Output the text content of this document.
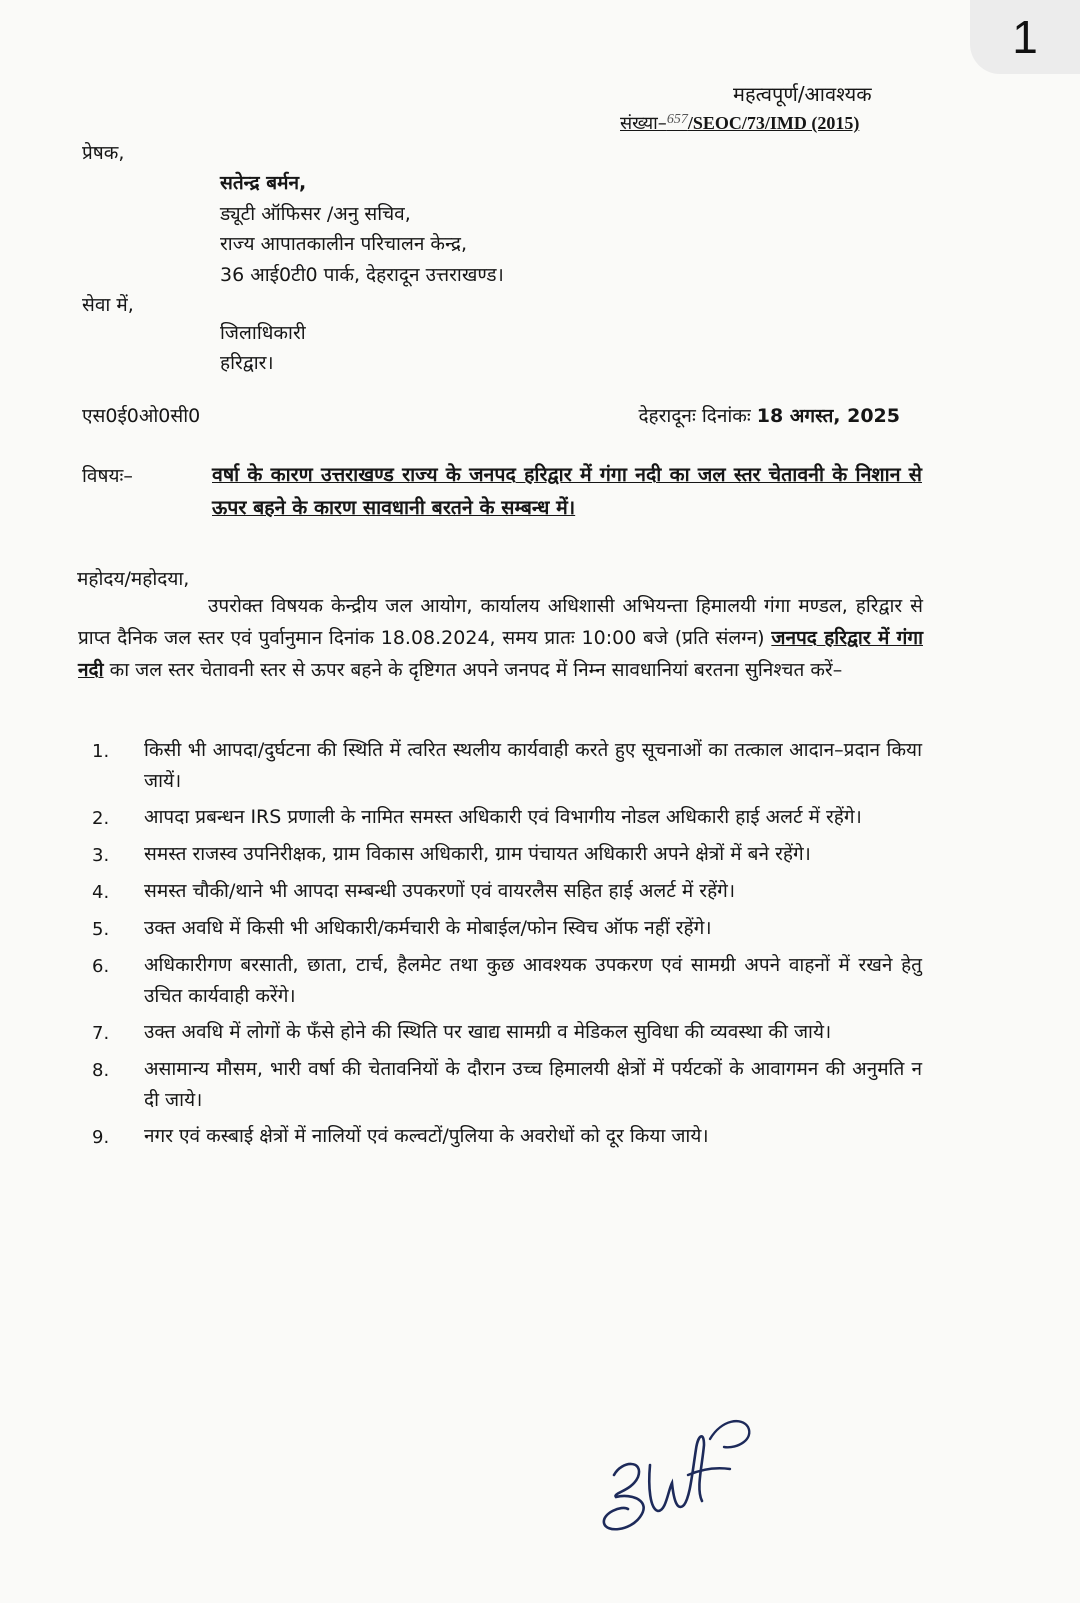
1
महत्वपूर्ण/आवश्यक
संख्या–$^{657}$/SEOC/73/IMD (2015)
प्रेषक,
सतेन्द्र बर्मन,
ड्यूटी ऑफिसर /अनु सचिव,
राज्य आपातकालीन परिचालन केन्द्र,
36 आई0टी0 पार्क, देहरादून उत्तराखण्ड।
सेवा में,
जिलाधिकारी
हरिद्वार।
एस0ई0ओ0सी0	देहरादूनः दिनांकः 18 अगस्त, 2025
विषयः–	वर्षा के कारण उत्तराखण्ड राज्य के जनपद हरिद्वार में गंगा नदी का जल स्तर चेतावनी के निशान से ऊपर बहने के कारण सावधानी बरतने के सम्बन्ध में।
महोदय/महोदया,
उपरोक्त विषयक केन्द्रीय जल आयोग, कार्यालय अधिशासी अभियन्ता हिमालयी गंगा मण्डल, हरिद्वार से प्राप्त दैनिक जल स्तर एवं पुर्वानुमान दिनांक 18.08.2024, समय प्रातः 10:00 बजे (प्रति संलग्न) जनपद हरिद्वार में गंगा नदी का जल स्तर चेतावनी स्तर से ऊपर बहने के दृष्टिगत अपने जनपद में निम्न सावधानियां बरतना सुनिश्चत करें–
1.	किसी भी आपदा/दुर्घटना की स्थिति में त्वरित स्थलीय कार्यवाही करते हुए सूचनाओं का तत्काल आदान–प्रदान किया जायें।
2.	आपदा प्रबन्धन IRS प्रणाली के नामित समस्त अधिकारी एवं विभागीय नोडल अधिकारी हाई अलर्ट में रहेंगे।
3.	समस्त राजस्व उपनिरीक्षक, ग्राम विकास अधिकारी, ग्राम पंचायत अधिकारी अपने क्षेत्रों में बने रहेंगे।
4.	समस्त चौकी/थाने भी आपदा सम्बन्धी उपकरणों एवं वायरलैस सहित हाई अलर्ट में रहेंगे।
5.	उक्त अवधि में किसी भी अधिकारी/कर्मचारी के मोबाईल/फोन स्विच ऑफ नहीं रहेंगे।
6.	अधिकारीगण बरसाती, छाता, टार्च, हैलमेट तथा कुछ आवश्यक उपकरण एवं सामग्री अपने वाहनों में रखने हेतु उचित कार्यवाही करेंगे।
7.	उक्त अवधि में लोगों के फँसे होने की स्थिति पर खाद्य सामग्री व मेडिकल सुविधा की व्यवस्था की जाये।
8.	असामान्य मौसम, भारी वर्षा की चेतावनियों के दौरान उच्च हिमालयी क्षेत्रों में पर्यटकों के आवागमन की अनुमति न दी जाये।
9.	नगर एवं कस्बाई क्षेत्रों में नालियों एवं कल्वटों/पुलिया के अवरोधों को दूर किया जाये।
